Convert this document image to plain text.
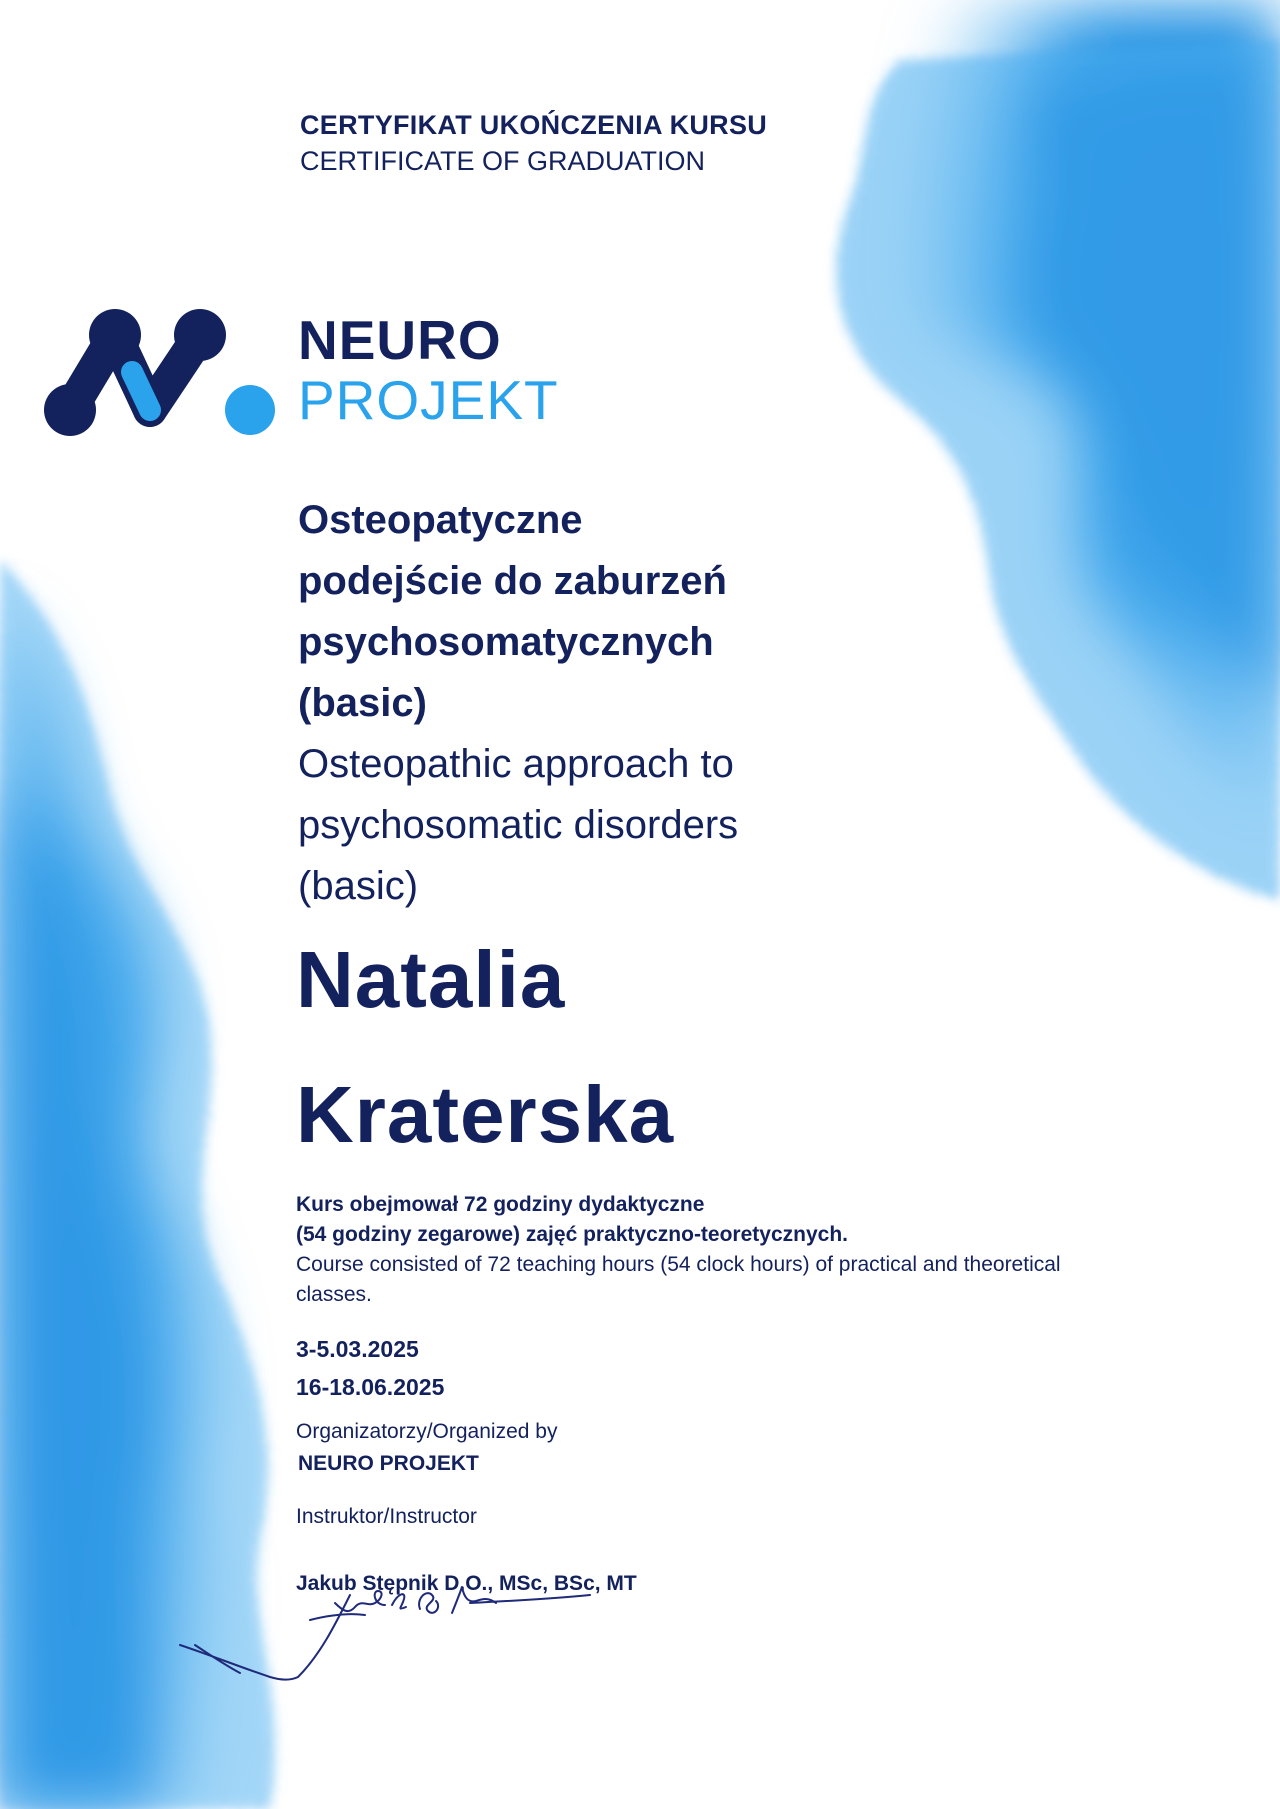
CERTYFIKAT UKOŃCZENIA KURSU
CERTIFICATE OF GRADUATION
NEURO
PROJEKT
Osteopatyczne
podejście do zaburzeń
psychosomatycznych
(basic)
Osteopathic approach to
psychosomatic disorders
(basic)
Natalia
Kraterska
Kurs obejmował 72 godziny dydaktyczne
(54 godziny zegarowe) zajęć praktyczno-teoretycznych.
Course consisted of 72 teaching hours (54 clock hours) of practical and theoretical
classes.
3-5.03.2025
16-18.06.2025
Organizatorzy/Organized by
NEURO PROJEKT
Instruktor/Instructor
Jakub Stępnik D.O., MSc, BSc, MT
